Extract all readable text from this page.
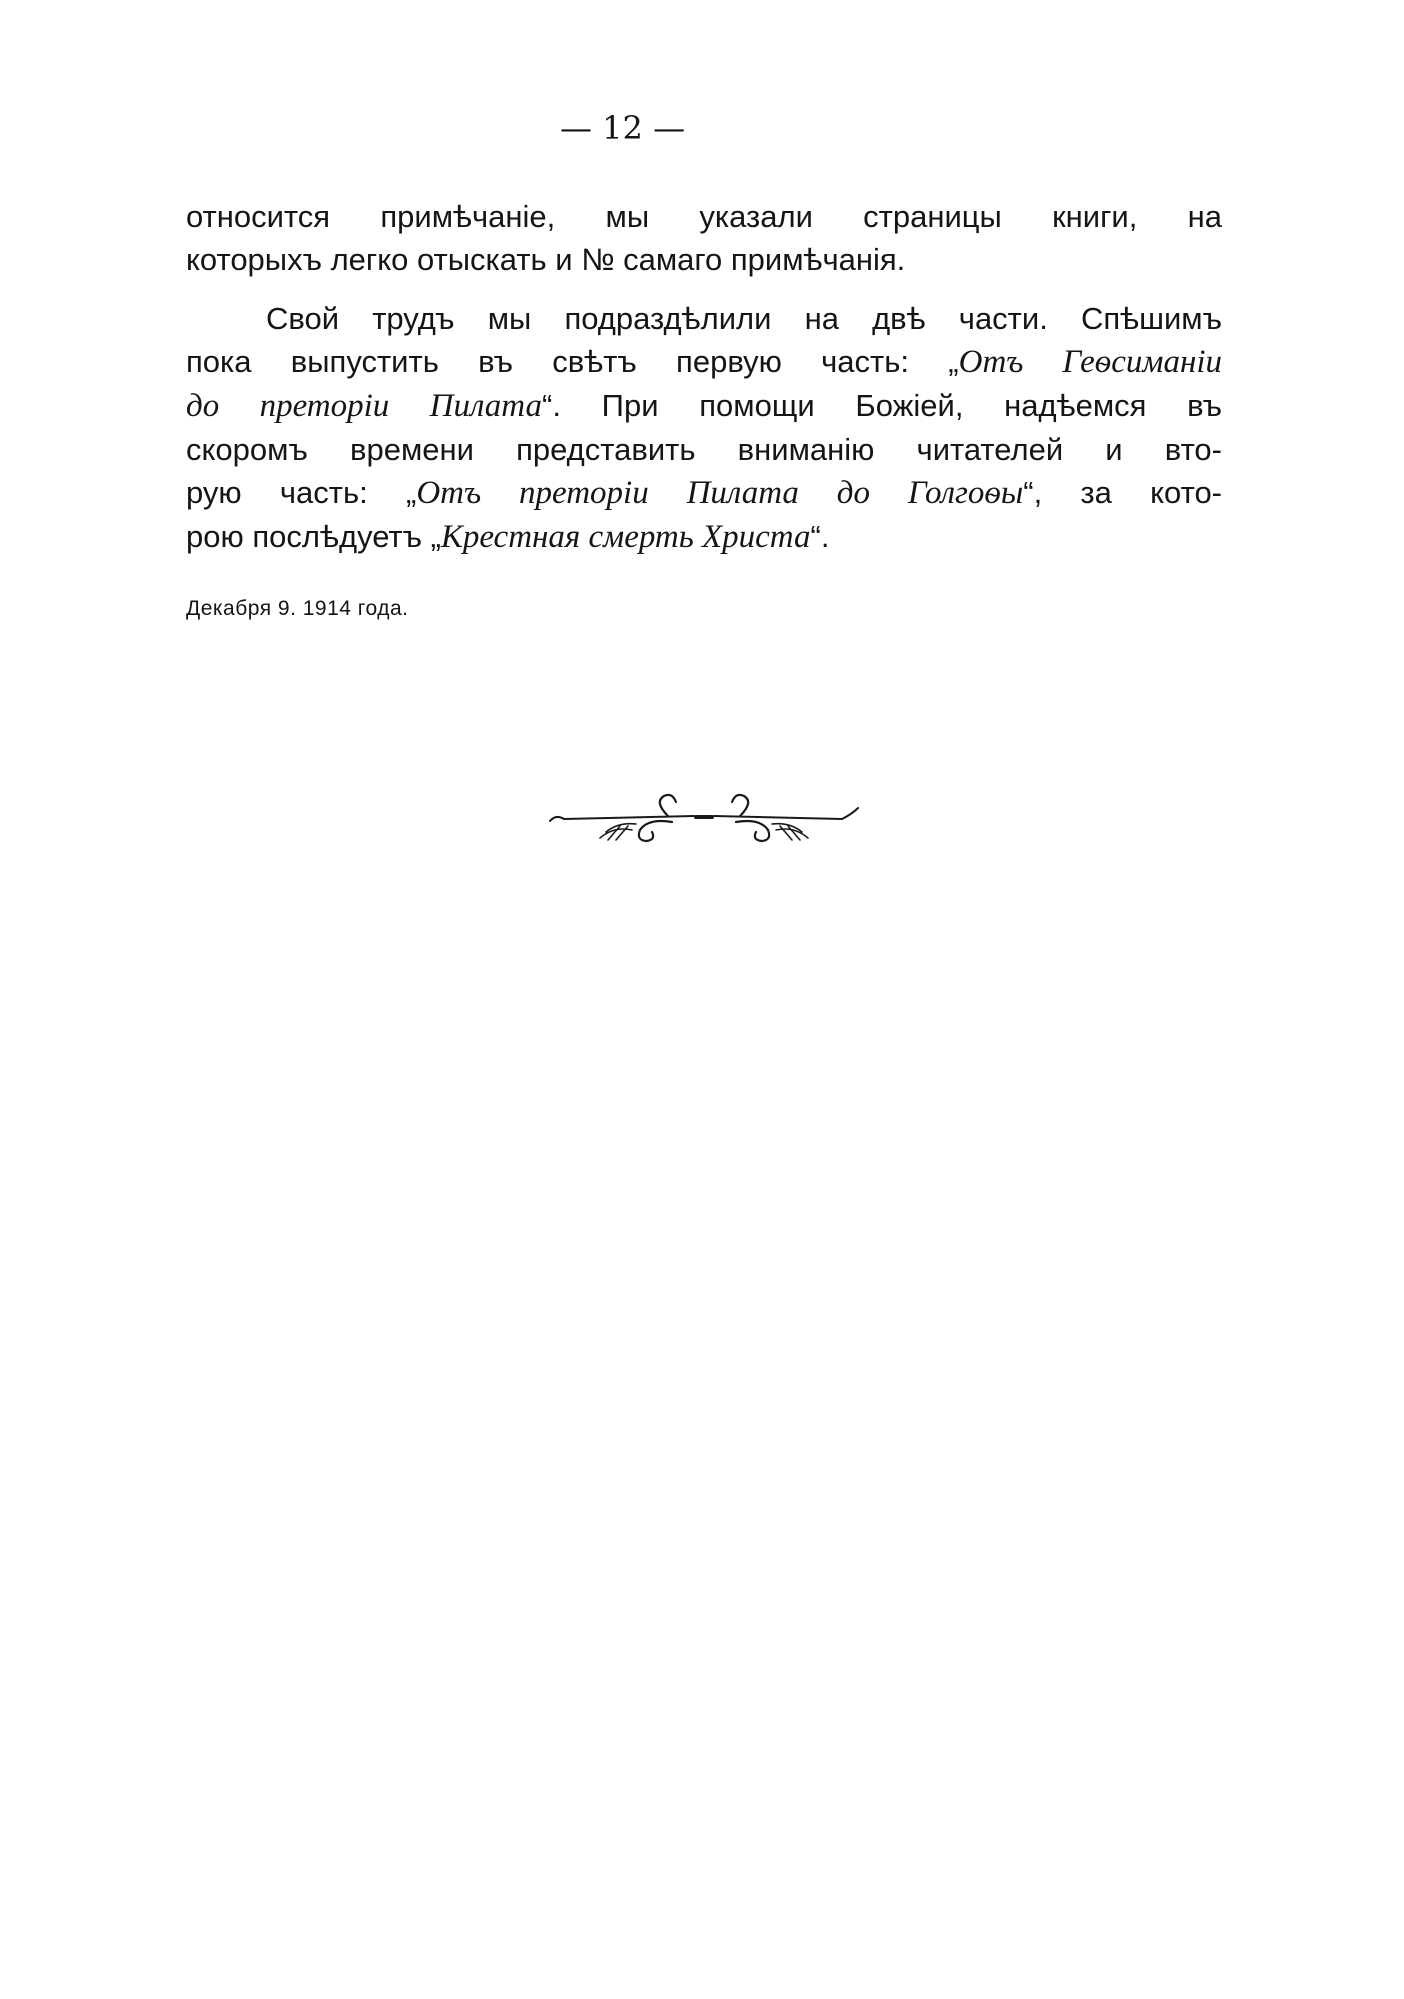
— 12 —
относится примѣчаніе, мы указали страницы книги, на
которыхъ легко отыскать и № самаго примѣчанія.
Свой трудъ мы подраздѣлили на двѣ части. Спѣшимъ
пока выпустить въ свѣтъ первую часть: „Отъ Геѳсиманіи
до преторіи Пилата“. При помощи Божіей, надѣемся въ
скоромъ времени представить вниманію читателей и вто-
рую часть: „Отъ преторіи Пилата до Голгоѳы“, за кото-
рою послѣдуетъ „Крестная смерть Христа“.
Декабря 9. 1914 года.
